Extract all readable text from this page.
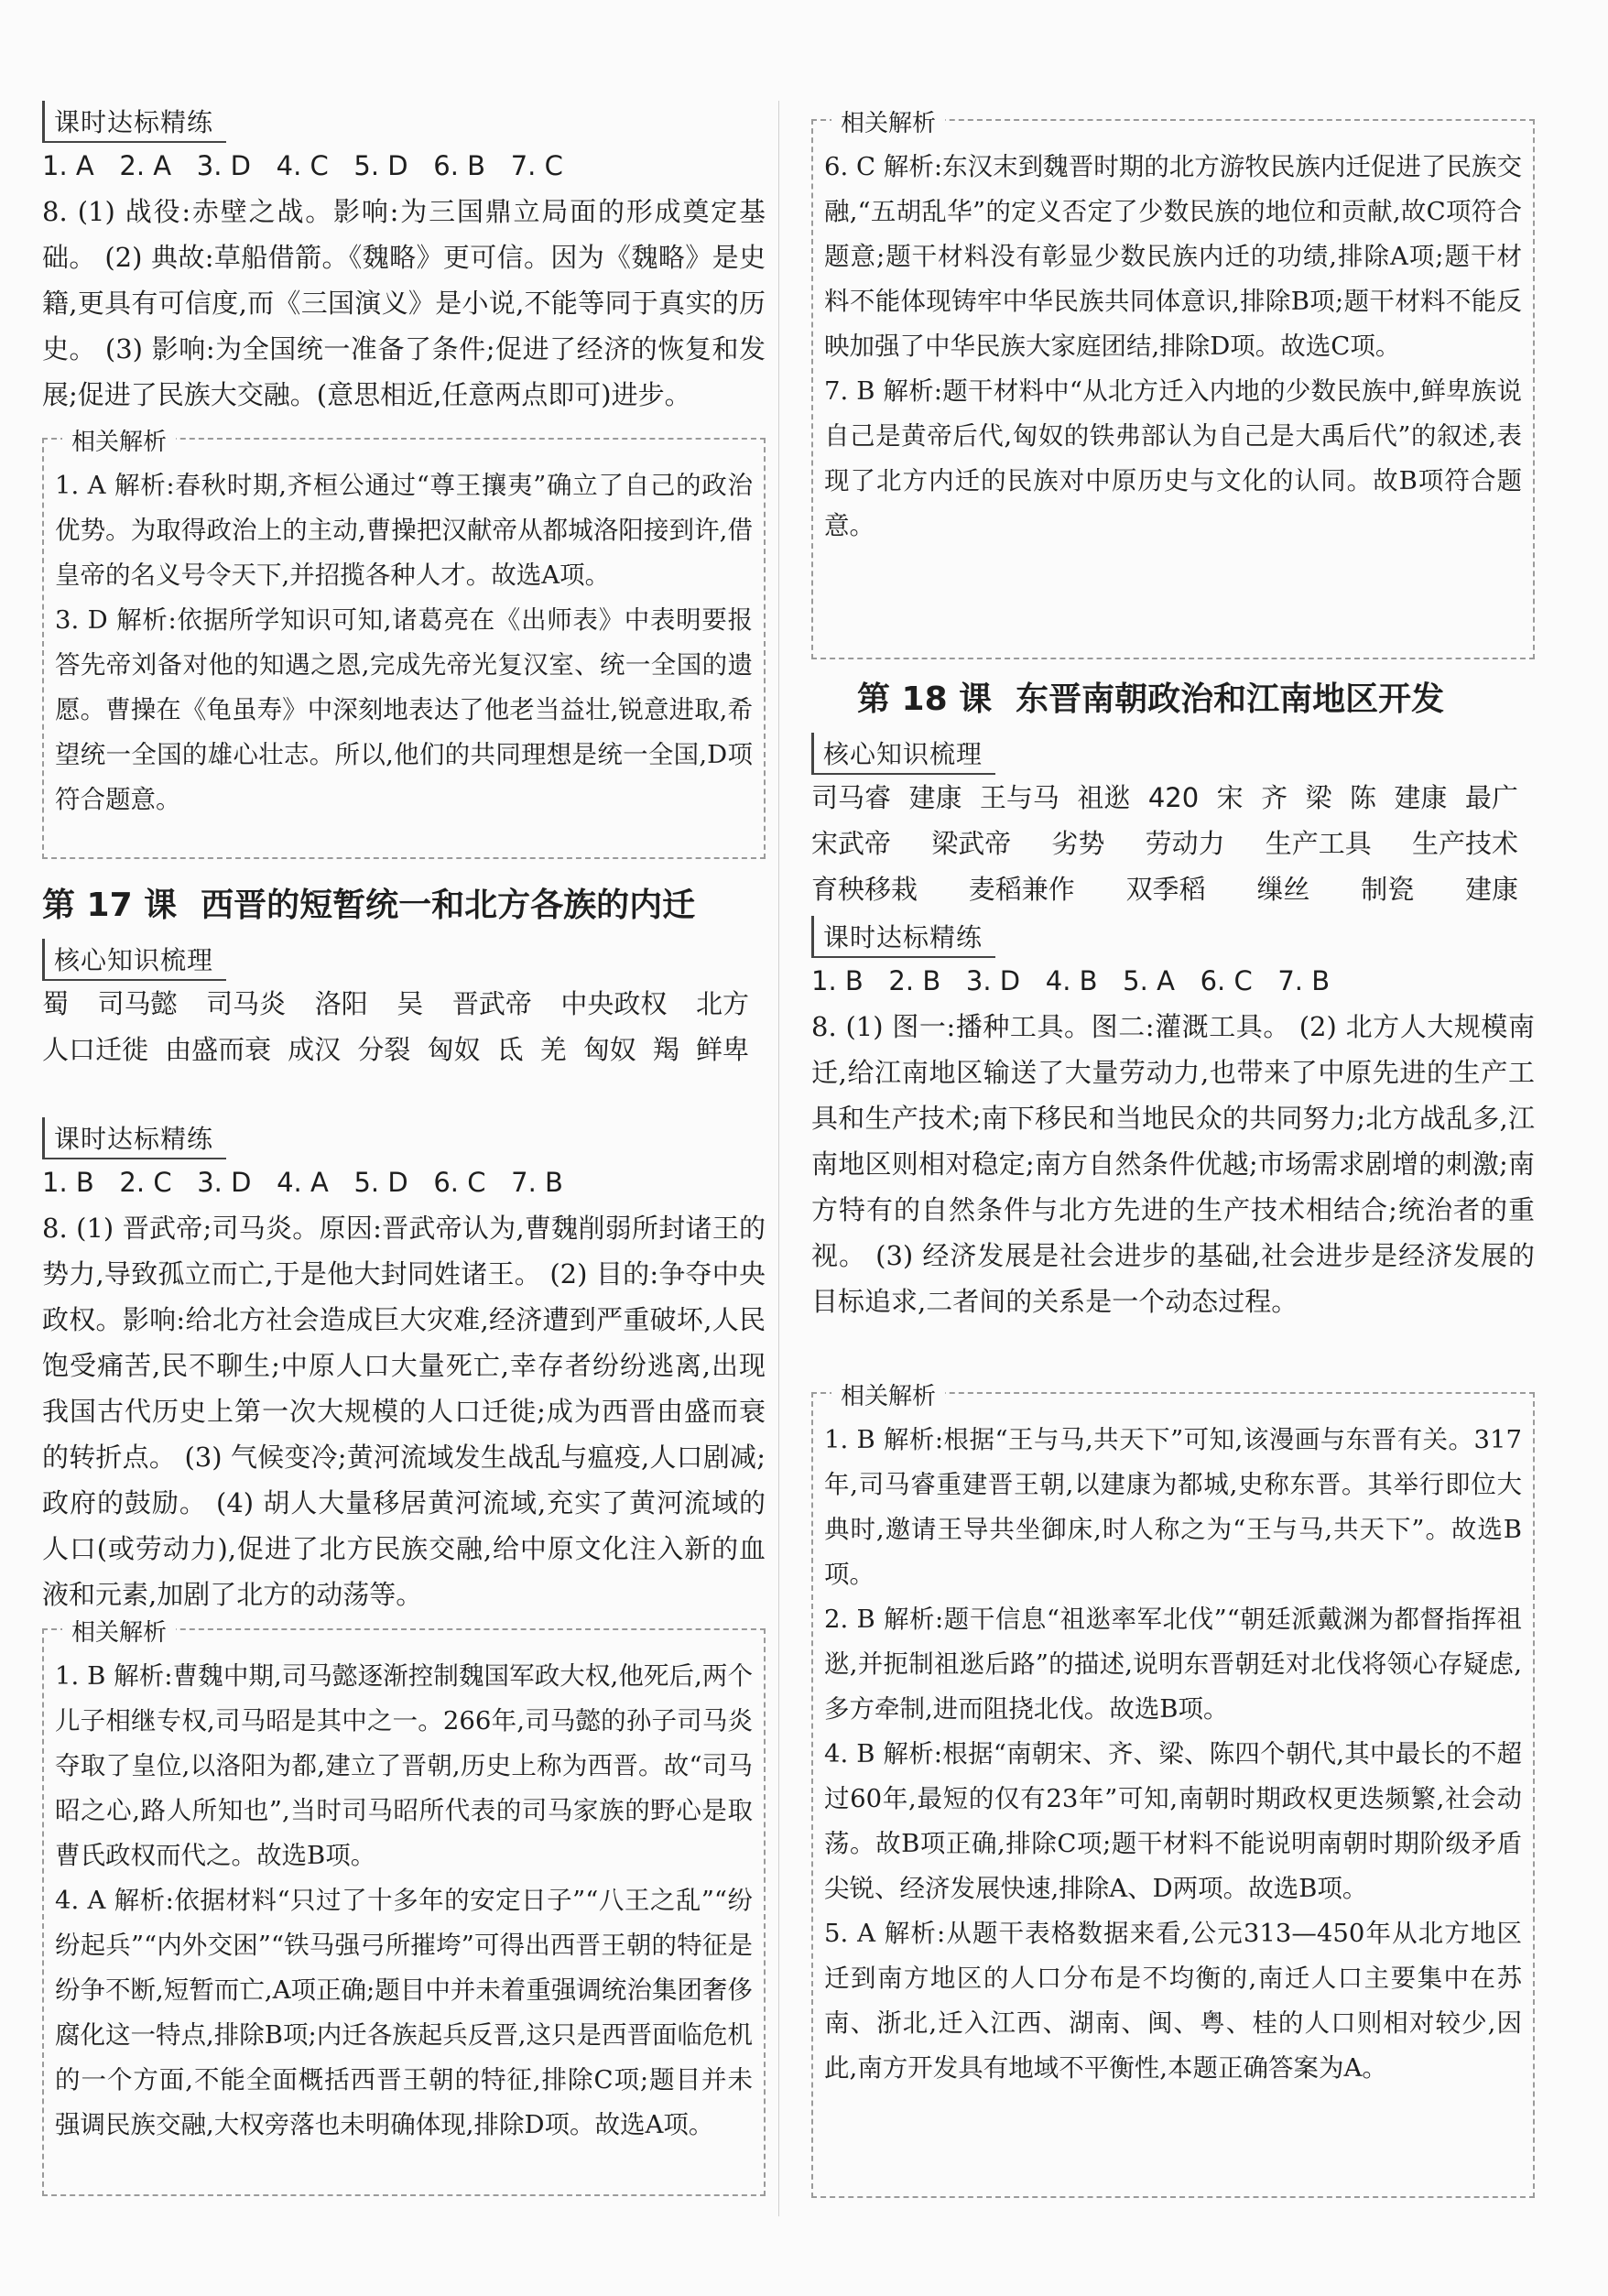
课时达标精练
1. A   2. A   3. D   4. C   5. D   6. B   7. C

8. (1) 战役:赤壁之战。影响:为三国鼎立局面的形成奠定基础。 (2) 典故:草船借箭。《魏略》更可信。因为《魏略》是史籍,更具有可信度,而《三国演义》是小说,不能等同于真实的历史。 (3) 影响:为全国统一准备了条件;促进了经济的恢复和发展;促进了民族大交融。(意思相近,任意两点即可)进步。

相关解析

1. A 解析:春秋时期,齐桓公通过“尊王攘夷”确立了自己的政治优势。为取得政治上的主动,曹操把汉献帝从都城洛阳接到许,借皇帝的名义号令天下,并招揽各种人才。故选A项。

3. D 解析:依据所学知识可知,诸葛亮在《出师表》中表明要报答先帝刘备对他的知遇之恩,完成先帝光复汉室、统一全国的遗愿。曹操在《龟虽寿》中深刻地表达了他老当益壮,锐意进取,希望统一全国的雄心壮志。所以,他们的共同理想是统一全国,D项符合题意。

第 17 课 西晋的短暂统一和北方各族的内迁
核心知识梳理
蜀 司马懿 司马炎 洛阳 吴 晋武帝 中央政权 北方
人口迁徙 由盛而衰 成汉 分裂 匈奴 氐 羌 匈奴 羯 鲜卑
课时达标精练
1. B   2. C   3. D   4. A   5. D   6. C   7. B

8. (1) 晋武帝;司马炎。原因:晋武帝认为,曹魏削弱所封诸王的势力,导致孤立而亡,于是他大封同姓诸王。 (2) 目的:争夺中央政权。影响:给北方社会造成巨大灾难,经济遭到严重破坏,人民饱受痛苦,民不聊生;中原人口大量死亡,幸存者纷纷逃离,出现我国古代历史上第一次大规模的人口迁徙;成为西晋由盛而衰的转折点。 (3) 气候变冷;黄河流域发生战乱与瘟疫,人口剧减;政府的鼓励。 (4) 胡人大量移居黄河流域,充实了黄河流域的人口(或劳动力),促进了北方民族交融,给中原文化注入新的血液和元素,加剧了北方的动荡等。

相关解析

1. B 解析:曹魏中期,司马懿逐渐控制魏国军政大权,他死后,两个儿子相继专权,司马昭是其中之一。266年,司马懿的孙子司马炎夺取了皇位,以洛阳为都,建立了晋朝,历史上称为西晋。故“司马昭之心,路人所知也”,当时司马昭所代表的司马家族的野心是取曹氏政权而代之。故选B项。

4. A 解析:依据材料“只过了十多年的安定日子”“八王之乱”“纷纷起兵”“内外交困”“铁马强弓所摧垮”可得出西晋王朝的特征是纷争不断,短暂而亡,A项正确;题目中并未着重强调统治集团奢侈腐化这一特点,排除B项;内迁各族起兵反晋,这只是西晋面临危机的一个方面,不能全面概括西晋王朝的特征,排除C项;题目并未强调民族交融,大权旁落也未明确体现,排除D项。故选A项。

相关解析

6. C 解析:东汉末到魏晋时期的北方游牧民族内迁促进了民族交融,“五胡乱华”的定义否定了少数民族的地位和贡献,故C项符合题意;题干材料没有彰显少数民族内迁的功绩,排除A项;题干材料不能体现铸牢中华民族共同体意识,排除B项;题干材料不能反映加强了中华民族大家庭团结,排除D项。故选C项。

7. B 解析:题干材料中“从北方迁入内地的少数民族中,鲜卑族说自己是黄帝后代,匈奴的铁弗部认为自己是大禹后代”的叙述,表现了北方内迁的民族对中原历史与文化的认同。故B项符合题意。

第 18 课 东晋南朝政治和江南地区开发
核心知识梳理
司马睿 建康 王与马 祖逖 420 宋 齐 梁 陈 建康 最广
宋武帝 梁武帝 劣势 劳动力 生产工具 生产技术
育秧移栽 麦稻兼作 双季稻 缫丝 制瓷 建康
课时达标精练
1. B   2. B   3. D   4. B   5. A   6. C   7. B

8. (1) 图一:播种工具。图二:灌溉工具。 (2) 北方人大规模南迁,给江南地区输送了大量劳动力,也带来了中原先进的生产工具和生产技术;南下移民和当地民众的共同努力;北方战乱多,江南地区则相对稳定;南方自然条件优越;市场需求剧增的刺激;南方特有的自然条件与北方先进的生产技术相结合;统治者的重视。 (3) 经济发展是社会进步的基础,社会进步是经济发展的目标追求,二者间的关系是一个动态过程。

相关解析

1. B 解析:根据“王与马,共天下”可知,该漫画与东晋有关。317年,司马睿重建晋王朝,以建康为都城,史称东晋。其举行即位大典时,邀请王导共坐御床,时人称之为“王与马,共天下”。故选B项。

2. B 解析:题干信息“祖逖率军北伐”“朝廷派戴渊为都督指挥祖逖,并扼制祖逖后路”的描述,说明东晋朝廷对北伐将领心存疑虑,多方牵制,进而阻挠北伐。故选B项。

4. B 解析:根据“南朝宋、齐、梁、陈四个朝代,其中最长的不超过60年,最短的仅有23年”可知,南朝时期政权更迭频繁,社会动荡。故B项正确,排除C项;题干材料不能说明南朝时期阶级矛盾尖锐、经济发展快速,排除A、D两项。故选B项。

5. A 解析:从题干表格数据来看,公元313—450年从北方地区迁到南方地区的人口分布是不均衡的,南迁人口主要集中在苏南、浙北,迁入江西、湖南、闽、粤、桂的人口则相对较少,因此,南方开发具有地域不平衡性,本题正确答案为A。
